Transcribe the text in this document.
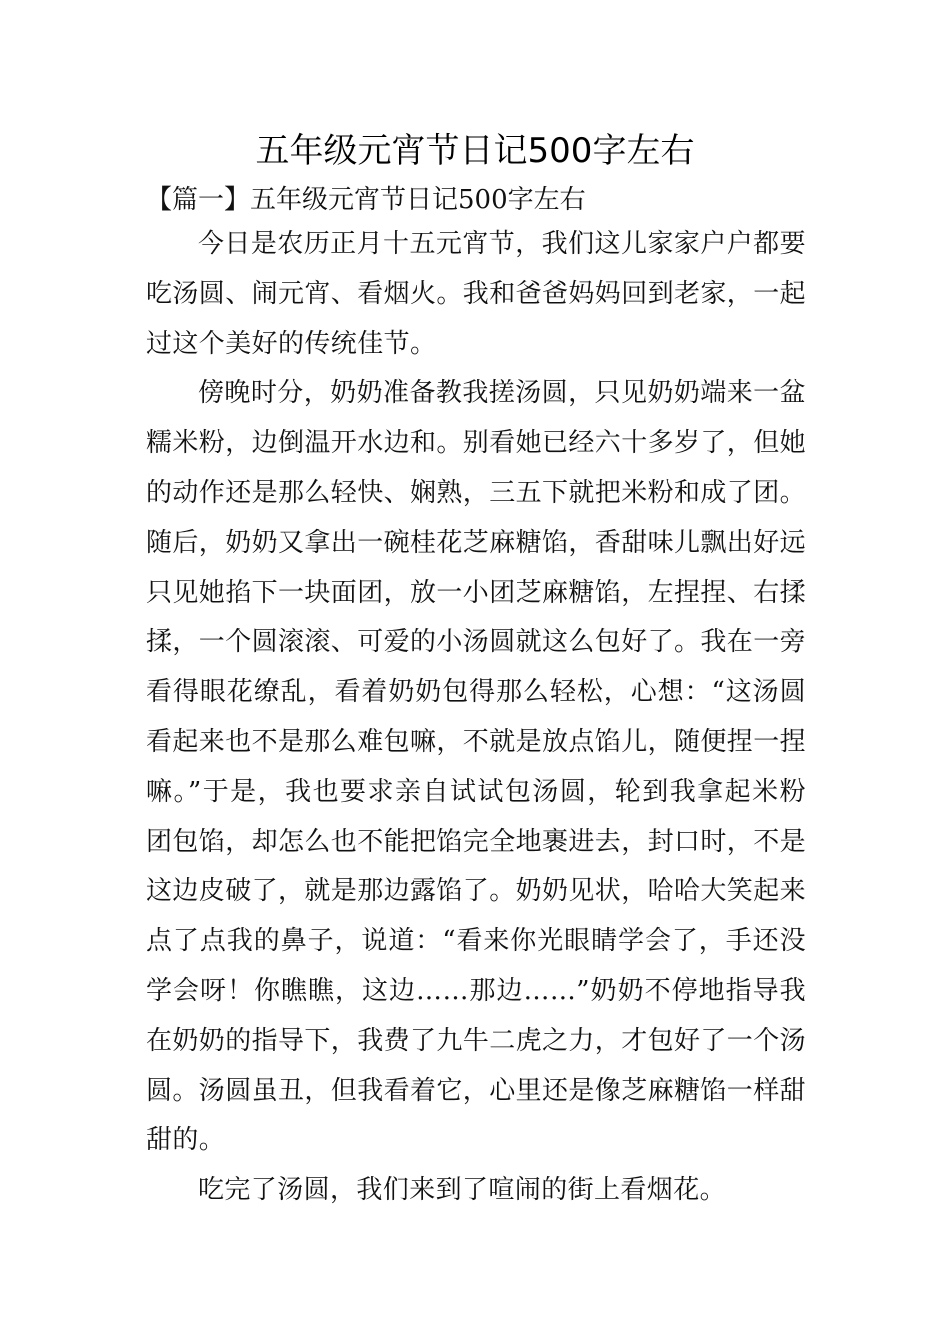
五年级元宵节日记500字左右
【篇一】五年级元宵节日记500字左右
今日是农历正月十五元宵节，我们这儿家家户户都要
吃汤圆、闹元宵、看烟火。我和爸爸妈妈回到老家，一起
过这个美好的传统佳节。
傍晚时分，奶奶准备教我搓汤圆，只见奶奶端来一盆
糯米粉，边倒温开水边和。别看她已经六十多岁了，但她
的动作还是那么轻快、娴熟，三五下就把米粉和成了团。
随后，奶奶又拿出一碗桂花芝麻糖馅，香甜味儿飘出好远
只见她掐下一块面团，放一小团芝麻糖馅，左捏捏、右揉
揉，一个圆滚滚、可爱的小汤圆就这么包好了。我在一旁
看得眼花缭乱，看着奶奶包得那么轻松，心想：“这汤圆
看起来也不是那么难包嘛，不就是放点馅儿，随便捏一捏
嘛。”于是，我也要求亲自试试包汤圆，轮到我拿起米粉
团包馅，却怎么也不能把馅完全地裹进去，封口时，不是
这边皮破了，就是那边露馅了。奶奶见状，哈哈大笑起来
点了点我的鼻子，说道：“看来你光眼睛学会了，手还没
学会呀！你瞧瞧，这边……那边……”奶奶不停地指导我
在奶奶的指导下，我费了九牛二虎之力，才包好了一个汤
圆。汤圆虽丑，但我看着它，心里还是像芝麻糖馅一样甜
甜的。
吃完了汤圆，我们来到了喧闹的街上看烟花。
